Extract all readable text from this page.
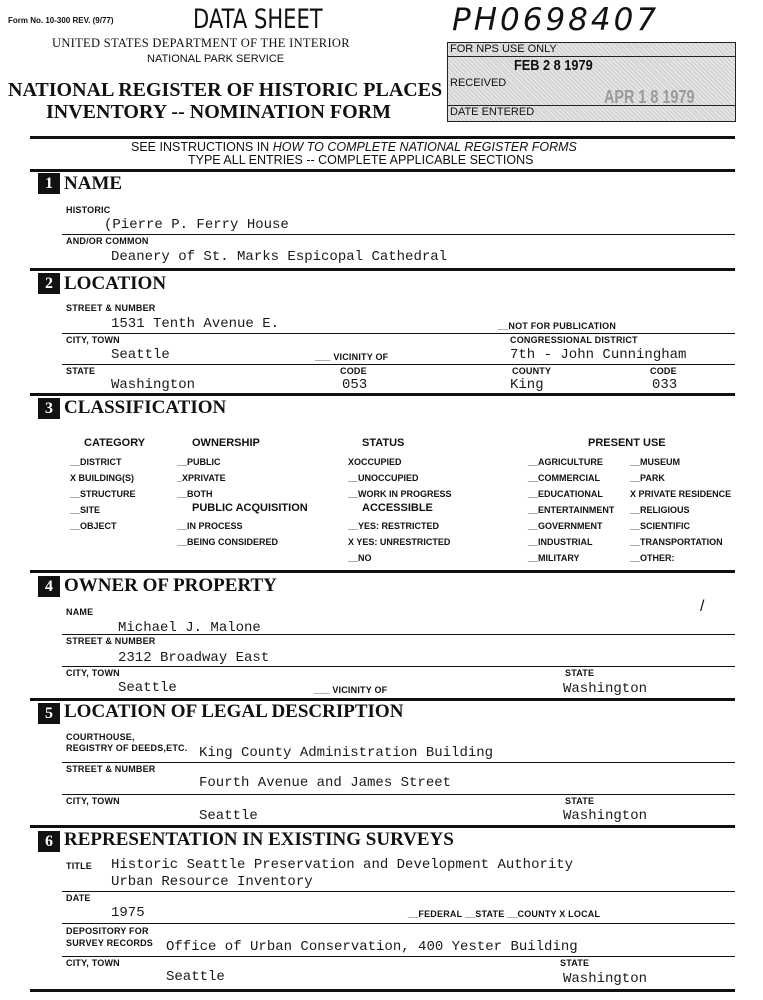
Form No. 10-300 REV. (9/77)	DATA SHEET	PH0698407
UNITED STATES DEPARTMENT OF THE INTERIOR
NATIONAL PARK SERVICE
NATIONAL REGISTER OF HISTORIC PLACES
INVENTORY -- NOMINATION FORM
FOR NPS USE ONLY
FEB 2 8 1979
RECEIVED
APR 1 8 1979
DATE ENTERED
SEE INSTRUCTIONS IN HOW TO COMPLETE NATIONAL REGISTER FORMS
TYPE ALL ENTRIES -- COMPLETE APPLICABLE SECTIONS
1 NAME
HISTORIC
(Pierre P. Ferry House
AND/OR COMMON
Deanery of St. Marks Espicopal Cathedral
2 LOCATION
STREET & NUMBER
1531 Tenth Avenue E.	__NOT FOR PUBLICATION
CITY, TOWN	CONGRESSIONAL DISTRICT
Seattle	___ VICINITY OF	7th - John Cunningham
STATE	CODE	COUNTY	CODE
Washington	053	King	033
3 CLASSIFICATION
CATEGORY
__DISTRICT
X BUILDING(S)
__STRUCTURE
__SITE
__OBJECT
OWNERSHIP
__PUBLIC
_XPRIVATE
__BOTH
PUBLIC ACQUISITION
__IN PROCESS
__BEING CONSIDERED
STATUS
XOCCUPIED
__UNOCCUPIED
__WORK IN PROGRESS
ACCESSIBLE
__YES: RESTRICTED
X YES: UNRESTRICTED
__NO
PRESENT USE
__AGRICULTURE
__COMMERCIAL
__EDUCATIONAL
__ENTERTAINMENT
__GOVERNMENT
__INDUSTRIAL
__MILITARY
__MUSEUM
__PARK
X PRIVATE RESIDENCE
__RELIGIOUS
__SCIENTIFIC
__TRANSPORTATION
__OTHER:
4 OWNER OF PROPERTY
/
NAME
Michael J. Malone
STREET & NUMBER
2312 Broadway East
CITY, TOWN	STATE
Seattle	___ VICINITY OF	Washington
5 LOCATION OF LEGAL DESCRIPTION
COURTHOUSE,
REGISTRY OF DEEDS,ETC. King County Administration Building
STREET & NUMBER
Fourth Avenue and James Street
CITY, TOWN	STATE
Seattle	Washington
6 REPRESENTATION IN EXISTING SURVEYS
TITLE Historic Seattle Preservation and Development Authority
Urban Resource Inventory
DATE
1975	__FEDERAL __STATE __COUNTY X LOCAL
DEPOSITORY FOR
SURVEY RECORDS Office of Urban Conservation, 400 Yester Building
CITY, TOWN	STATE
Seattle	Washington
